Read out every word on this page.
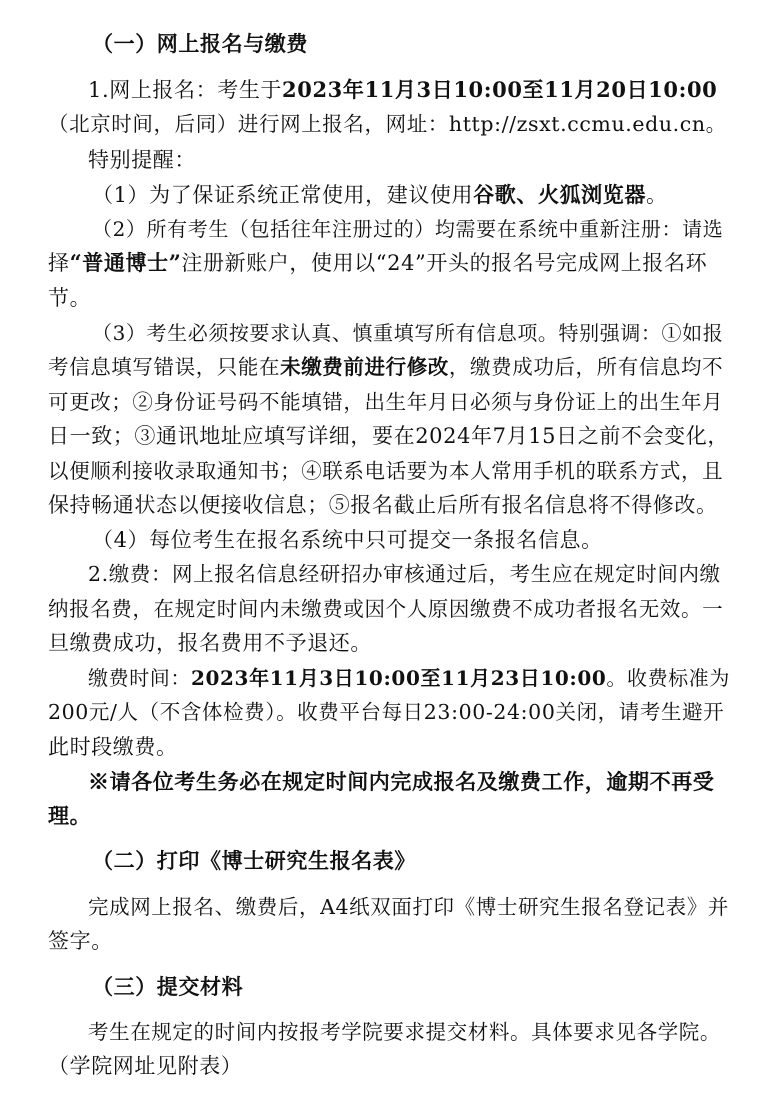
（一）网上报名与缴费
1.网上报名：考生于2023年11月3日10:00至11月20日10:00
（北京时间，后同）进行网上报名，网址：http://zsxt.ccmu.edu.cn。
特别提醒：
（1）为了保证系统正常使用，建议使用谷歌、火狐浏览器。
（2）所有考生（包括往年注册过的）均需要在系统中重新注册：请选
择“普通博士”注册新账户，使用以“24”开头的报名号完成网上报名环
节。
（3）考生必须按要求认真、慎重填写所有信息项。特别强调：①如报
考信息填写错误，只能在未缴费前进行修改，缴费成功后，所有信息均不
可更改；②身份证号码不能填错，出生年月日必须与身份证上的出生年月
日一致；③通讯地址应填写详细，要在2024年7月15日之前不会变化，
以便顺利接收录取通知书；④联系电话要为本人常用手机的联系方式，且
保持畅通状态以便接收信息；⑤报名截止后所有报名信息将不得修改。
（4）每位考生在报名系统中只可提交一条报名信息。
2.缴费：网上报名信息经研招办审核通过后，考生应在规定时间内缴
纳报名费，在规定时间内未缴费或因个人原因缴费不成功者报名无效。一
旦缴费成功，报名费用不予退还。
缴费时间：2023年11月3日10:00至11月23日10:00。收费标准为
200元/人（不含体检费）。收费平台每日23:00-24:00关闭，请考生避开
此时段缴费。
※请各位考生务必在规定时间内完成报名及缴费工作，逾期不再受
理。
（二）打印《博士研究生报名表》
完成网上报名、缴费后，A4纸双面打印《博士研究生报名登记表》并
签字。
（三）提交材料
考生在规定的时间内按报考学院要求提交材料。具体要求见各学院。
（学院网址见附表）
